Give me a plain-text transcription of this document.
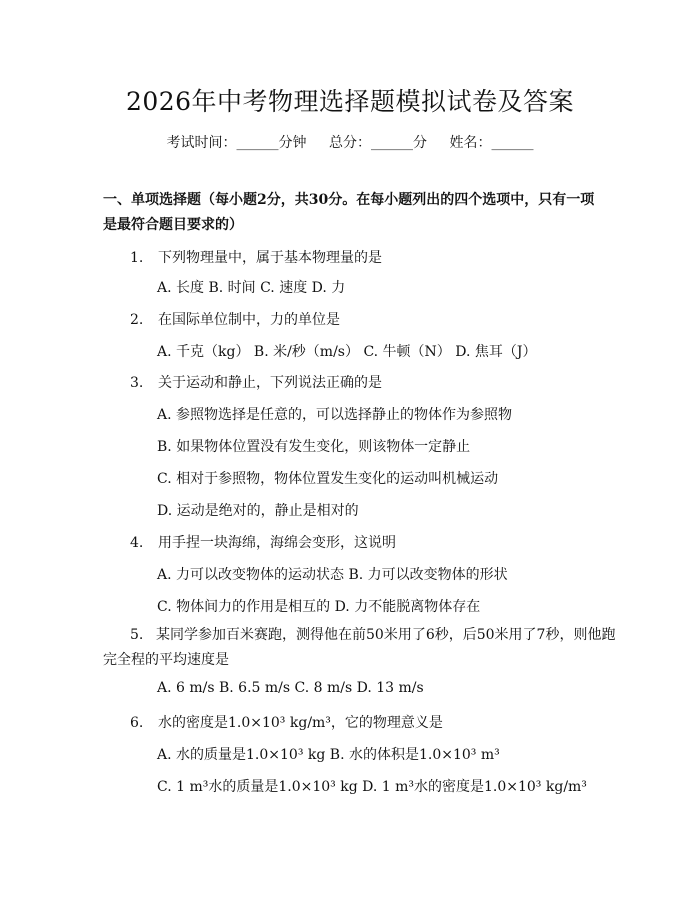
2026年中考物理选择题模拟试卷及答案
考试时间：______分钟 总分：______分 姓名：______
一、单项选择题（每小题2分，共30分。在每小题列出的四个选项中，只有一项是最符合题目要求的）
1. 下列物理量中，属于基本物理量的是
A. 长度 B. 时间 C. 速度 D. 力
2. 在国际单位制中，力的单位是
A. 千克（kg） B. 米/秒（m/s） C. 牛顿（N） D. 焦耳（J）
3. 关于运动和静止，下列说法正确的是
A. 参照物选择是任意的，可以选择静止的物体作为参照物
B. 如果物体位置没有发生变化，则该物体一定静止
C. 相对于参照物，物体位置发生变化的运动叫机械运动
D. 运动是绝对的，静止是相对的
4. 用手捏一块海绵，海绵会变形，这说明
A. 力可以改变物体的运动状态 B. 力可以改变物体的形状
C. 物体间力的作用是相互的 D. 力不能脱离物体存在
5. 某同学参加百米赛跑，测得他在前50米用了6秒，后50米用了7秒，则他跑完全程的平均速度是
A. 6 m/s B. 6.5 m/s C. 8 m/s D. 13 m/s
6. 水的密度是1.0×10³ kg/m³，它的物理意义是
A. 水的质量是1.0×10³ kg B. 水的体积是1.0×10³ m³
C. 1 m³水的质量是1.0×10³ kg D. 1 m³水的密度是1.0×10³ kg/m³
